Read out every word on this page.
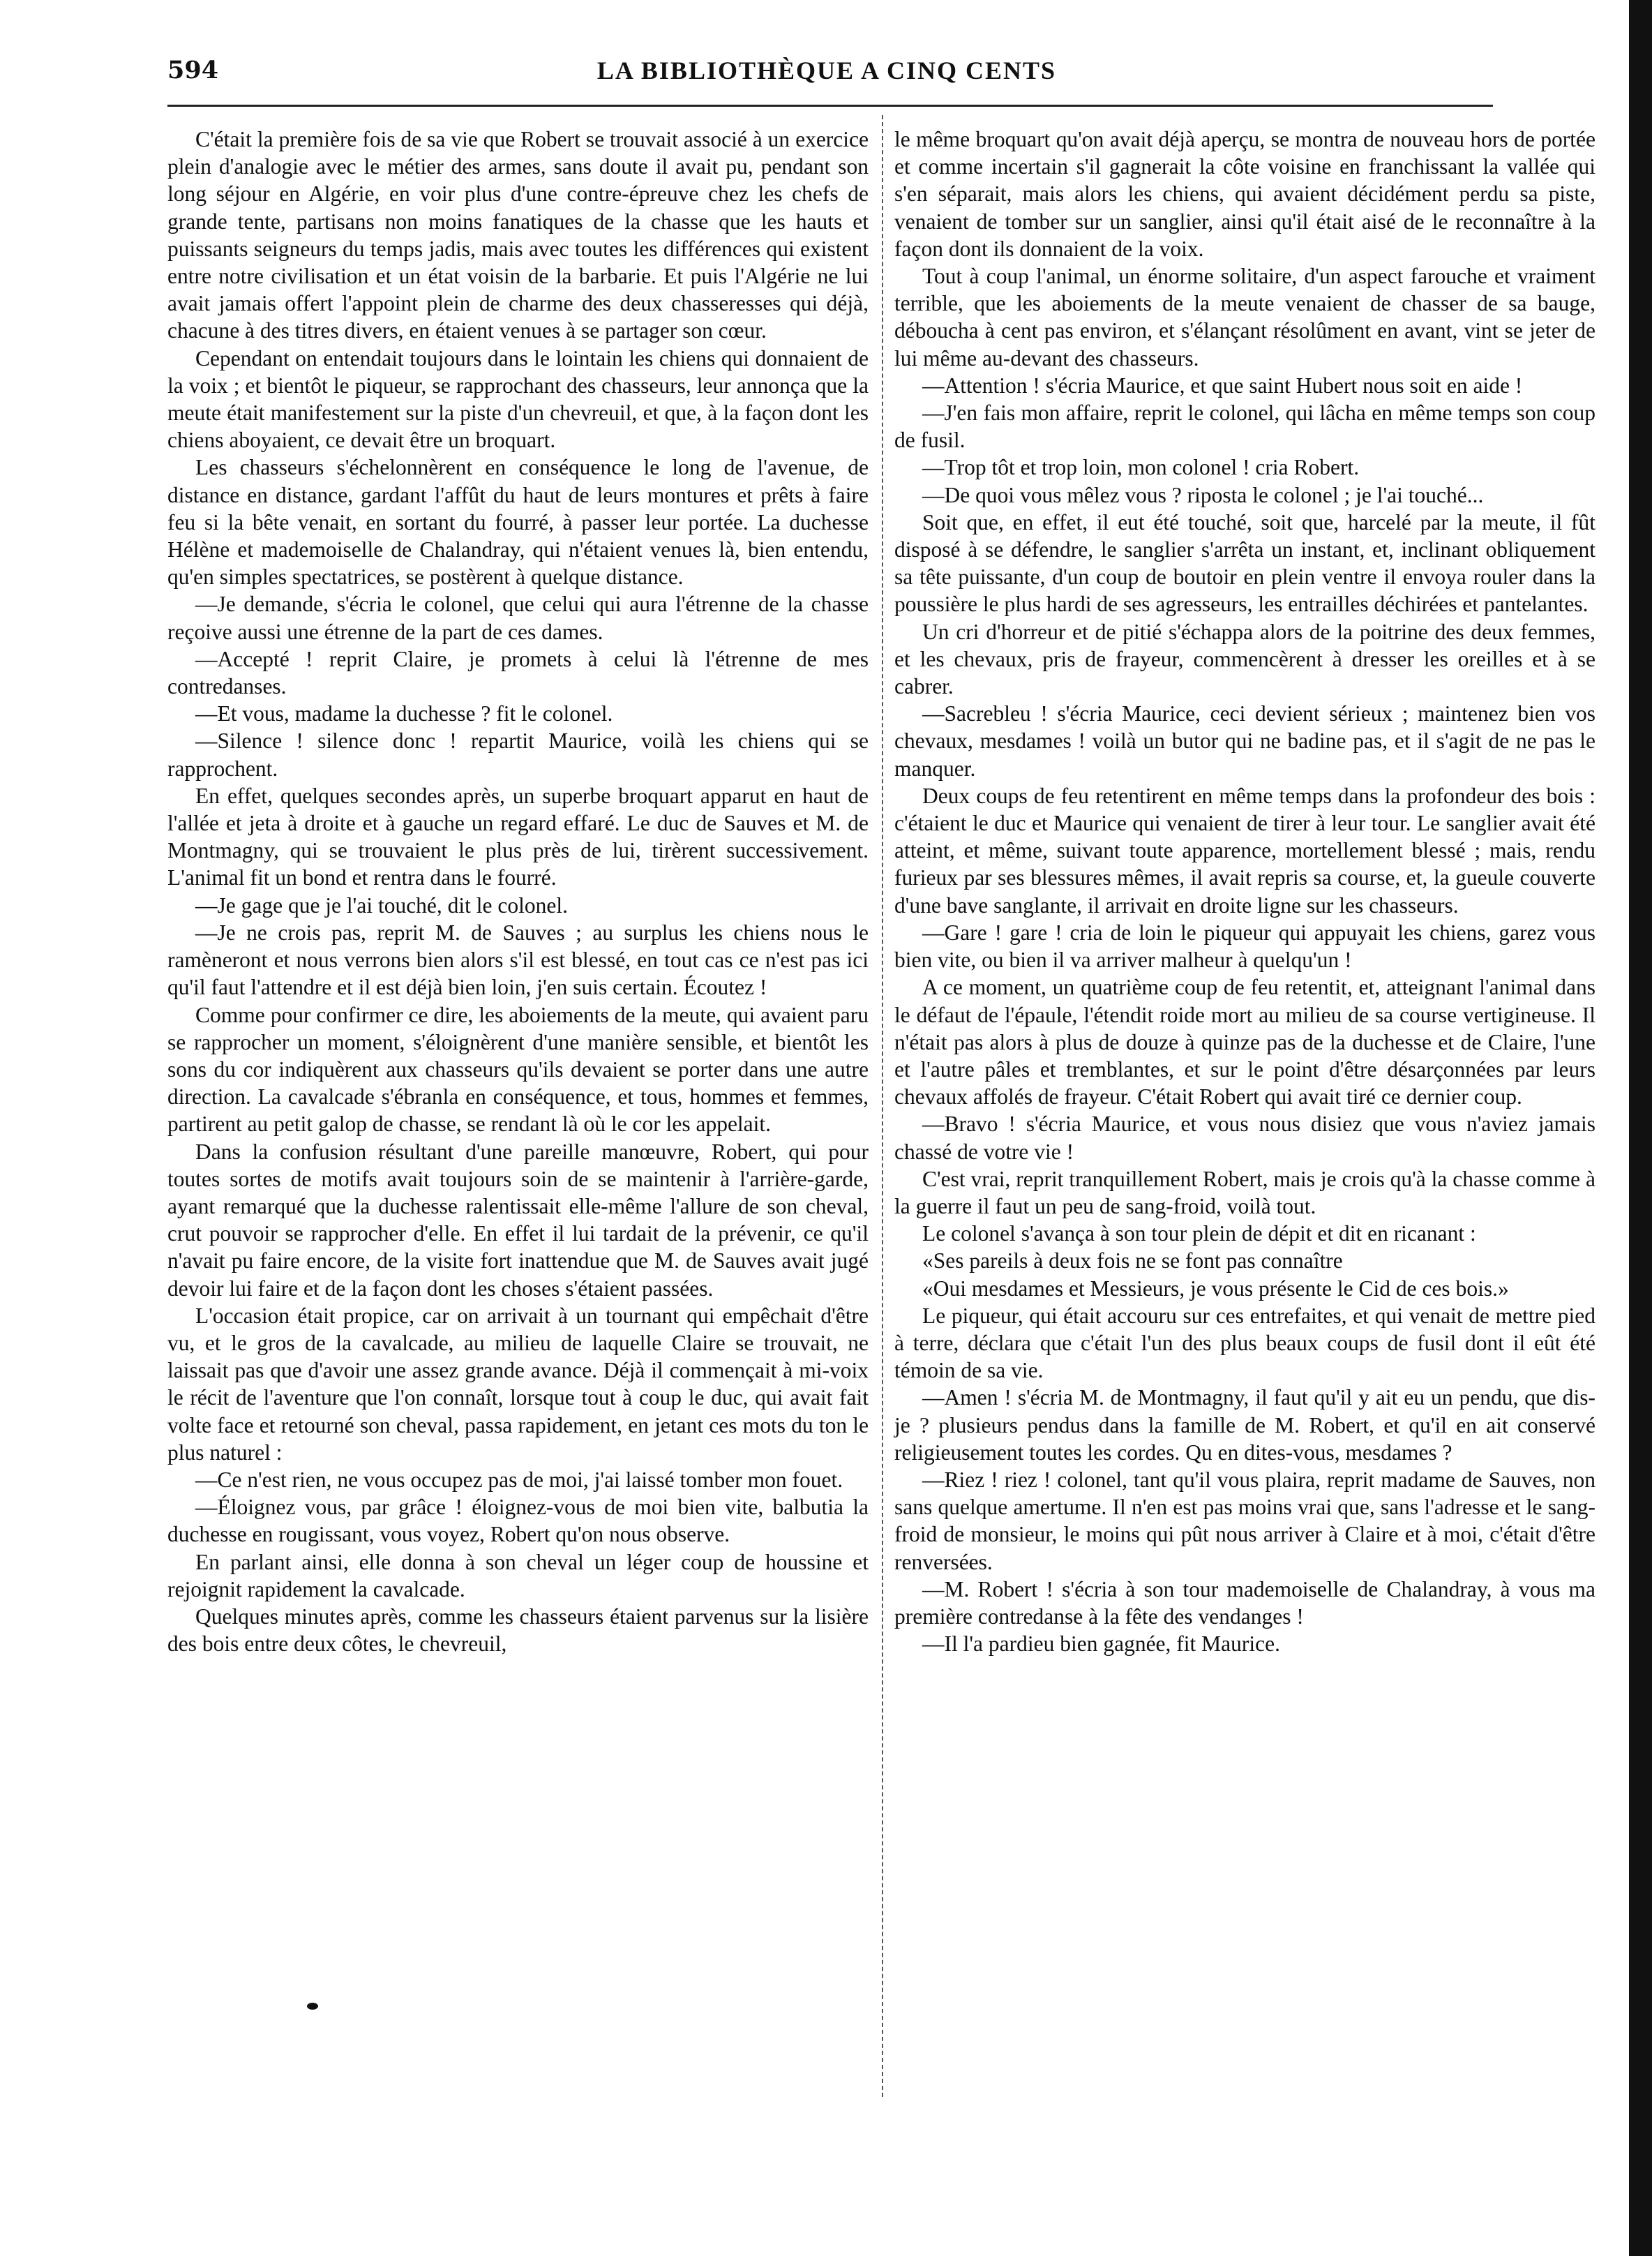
594	LA BIBLIOTHÈQUE A CINQ CENTS

C'était la première fois de sa vie que Robert se trouvait associé à un exercice plein d'analogie avec le métier des armes, sans doute il avait pu, pendant son long séjour en Algérie, en voir plus d'une contre-épreuve chez les chefs de grande tente, partisans non moins fanatiques de la chasse que les hauts et puissants seigneurs du temps jadis, mais avec toutes les différences qui existent entre notre civilisation et un état voisin de la barbarie. Et puis l'Algérie ne lui avait jamais offert l'appoint plein de charme des deux chasseresses qui déjà, chacune à des titres divers, en étaient venues à se partager son cœur.

Cependant on entendait toujours dans le lointain les chiens qui donnaient de la voix ; et bientôt le piqueur, se rapprochant des chasseurs, leur annonça que la meute était manifestement sur la piste d'un chevreuil, et que, à la façon dont les chiens aboyaient, ce devait être un broquart.

Les chasseurs s'échelonnèrent en conséquence le long de l'avenue, de distance en distance, gardant l'affût du haut de leurs montures et prêts à faire feu si la bête venait, en sortant du fourré, à passer leur portée. La duchesse Hélène et mademoiselle de Chalandray, qui n'étaient venues là, bien entendu, qu'en simples spectatrices, se postèrent à quelque distance.

—Je demande, s'écria le colonel, que celui qui aura l'étrenne de la chasse reçoive aussi une étrenne de la part de ces dames.

—Accepté ! reprit Claire, je promets à celui là l'étrenne de mes contredanses.

—Et vous, madame la duchesse ? fit le colonel.

—Silence ! silence donc ! repartit Maurice, voilà les chiens qui se rapprochent.

En effet, quelques secondes après, un superbe broquart apparut en haut de l'allée et jeta à droite et à gauche un regard effaré. Le duc de Sauves et M. de Montmagny, qui se trouvaient le plus près de lui, tirèrent successivement. L'animal fit un bond et rentra dans le fourré.

—Je gage que je l'ai touché, dit le colonel.

—Je ne crois pas, reprit M. de Sauves ; au surplus les chiens nous le ramèneront et nous verrons bien alors s'il est blessé, en tout cas ce n'est pas ici qu'il faut l'attendre et il est déjà bien loin, j'en suis certain. Écoutez !

Comme pour confirmer ce dire, les aboiements de la meute, qui avaient paru se rapprocher un moment, s'éloignèrent d'une manière sensible, et bientôt les sons du cor indiquèrent aux chasseurs qu'ils devaient se porter dans une autre direction. La cavalcade s'ébranla en conséquence, et tous, hommes et femmes, partirent au petit galop de chasse, se rendant là où le cor les appelait.

Dans la confusion résultant d'une pareille manœuvre, Robert, qui pour toutes sortes de motifs avait toujours soin de se maintenir à l'arrière-garde, ayant remarqué que la duchesse ralentissait elle-même l'allure de son cheval, crut pouvoir se rapprocher d'elle. En effet il lui tardait de la prévenir, ce qu'il n'avait pu faire encore, de la visite fort inattendue que M. de Sauves avait jugé devoir lui faire et de la façon dont les choses s'étaient passées.

L'occasion était propice, car on arrivait à un tournant qui empêchait d'être vu, et le gros de la cavalcade, au milieu de laquelle Claire se trouvait, ne laissait pas que d'avoir une assez grande avance. Déjà il commençait à mi-voix le récit de l'aventure que l'on connaît, lorsque tout à coup le duc, qui avait fait volte face et retourné son cheval, passa rapidement, en jetant ces mots du ton le plus naturel :

—Ce n'est rien, ne vous occupez pas de moi, j'ai laissé tomber mon fouet.

—Éloignez vous, par grâce ! éloignez-vous de moi bien vite, balbutia la duchesse en rougissant, vous voyez, Robert qu'on nous observe.

En parlant ainsi, elle donna à son cheval un léger coup de houssine et rejoignit rapidement la cavalcade.

Quelques minutes après, comme les chasseurs étaient parvenus sur la lisière des bois entre deux côtes, le chevreuil,

le même broquart qu'on avait déjà aperçu, se montra de nouveau hors de portée et comme incertain s'il gagnerait la côte voisine en franchissant la vallée qui s'en séparait, mais alors les chiens, qui avaient décidément perdu sa piste, venaient de tomber sur un sanglier, ainsi qu'il était aisé de le reconnaître à la façon dont ils donnaient de la voix.

Tout à coup l'animal, un énorme solitaire, d'un aspect farouche et vraiment terrible, que les aboiements de la meute venaient de chasser de sa bauge, déboucha à cent pas environ, et s'élançant résolûment en avant, vint se jeter de lui même au-devant des chasseurs.

—Attention ! s'écria Maurice, et que saint Hubert nous soit en aide !

—J'en fais mon affaire, reprit le colonel, qui lâcha en même temps son coup de fusil.

—Trop tôt et trop loin, mon colonel ! cria Robert.

—De quoi vous mêlez vous ? riposta le colonel ; je l'ai touché...

Soit que, en effet, il eut été touché, soit que, harcelé par la meute, il fût disposé à se défendre, le sanglier s'arrêta un instant, et, inclinant obliquement sa tête puissante, d'un coup de boutoir en plein ventre il envoya rouler dans la poussière le plus hardi de ses agresseurs, les entrailles déchirées et pantelantes.

Un cri d'horreur et de pitié s'échappa alors de la poitrine des deux femmes, et les chevaux, pris de frayeur, commencèrent à dresser les oreilles et à se cabrer.

—Sacrebleu ! s'écria Maurice, ceci devient sérieux ; maintenez bien vos chevaux, mesdames ! voilà un butor qui ne badine pas, et il s'agit de ne pas le manquer.

Deux coups de feu retentirent en même temps dans la profondeur des bois : c'étaient le duc et Maurice qui venaient de tirer à leur tour. Le sanglier avait été atteint, et même, suivant toute apparence, mortellement blessé ; mais, rendu furieux par ses blessures mêmes, il avait repris sa course, et, la gueule couverte d'une bave sanglante, il arrivait en droite ligne sur les chasseurs.

—Gare ! gare ! cria de loin le piqueur qui appuyait les chiens, garez vous bien vite, ou bien il va arriver malheur à quelqu'un !

A ce moment, un quatrième coup de feu retentit, et, atteignant l'animal dans le défaut de l'épaule, l'étendit roide mort au milieu de sa course vertigineuse. Il n'était pas alors à plus de douze à quinze pas de la duchesse et de Claire, l'une et l'autre pâles et tremblantes, et sur le point d'être désarçonnées par leurs chevaux affolés de frayeur. C'était Robert qui avait tiré ce dernier coup.

—Bravo ! s'écria Maurice, et vous nous disiez que vous n'aviez jamais chassé de votre vie !

C'est vrai, reprit tranquillement Robert, mais je crois qu'à la chasse comme à la guerre il faut un peu de sang-froid, voilà tout.

Le colonel s'avança à son tour plein de dépit et dit en ricanant :

«Ses pareils à deux fois ne se font pas connaître

«Oui mesdames et Messieurs, je vous présente le Cid de ces bois.»

Le piqueur, qui était accouru sur ces entrefaites, et qui venait de mettre pied à terre, déclara que c'était l'un des plus beaux coups de fusil dont il eût été témoin de sa vie.

—Amen ! s'écria M. de Montmagny, il faut qu'il y ait eu un pendu, que dis-je ? plusieurs pendus dans la famille de M. Robert, et qu'il en ait conservé religieusement toutes les cordes. Qu en dites-vous, mesdames ?

—Riez ! riez ! colonel, tant qu'il vous plaira, reprit madame de Sauves, non sans quelque amertume. Il n'en est pas moins vrai que, sans l'adresse et le sang-froid de monsieur, le moins qui pût nous arriver à Claire et à moi, c'était d'être renversées.

—M. Robert ! s'écria à son tour mademoiselle de Chalandray, à vous ma première contredanse à la fête des vendanges !

—Il l'a pardieu bien gagnée, fit Maurice.
